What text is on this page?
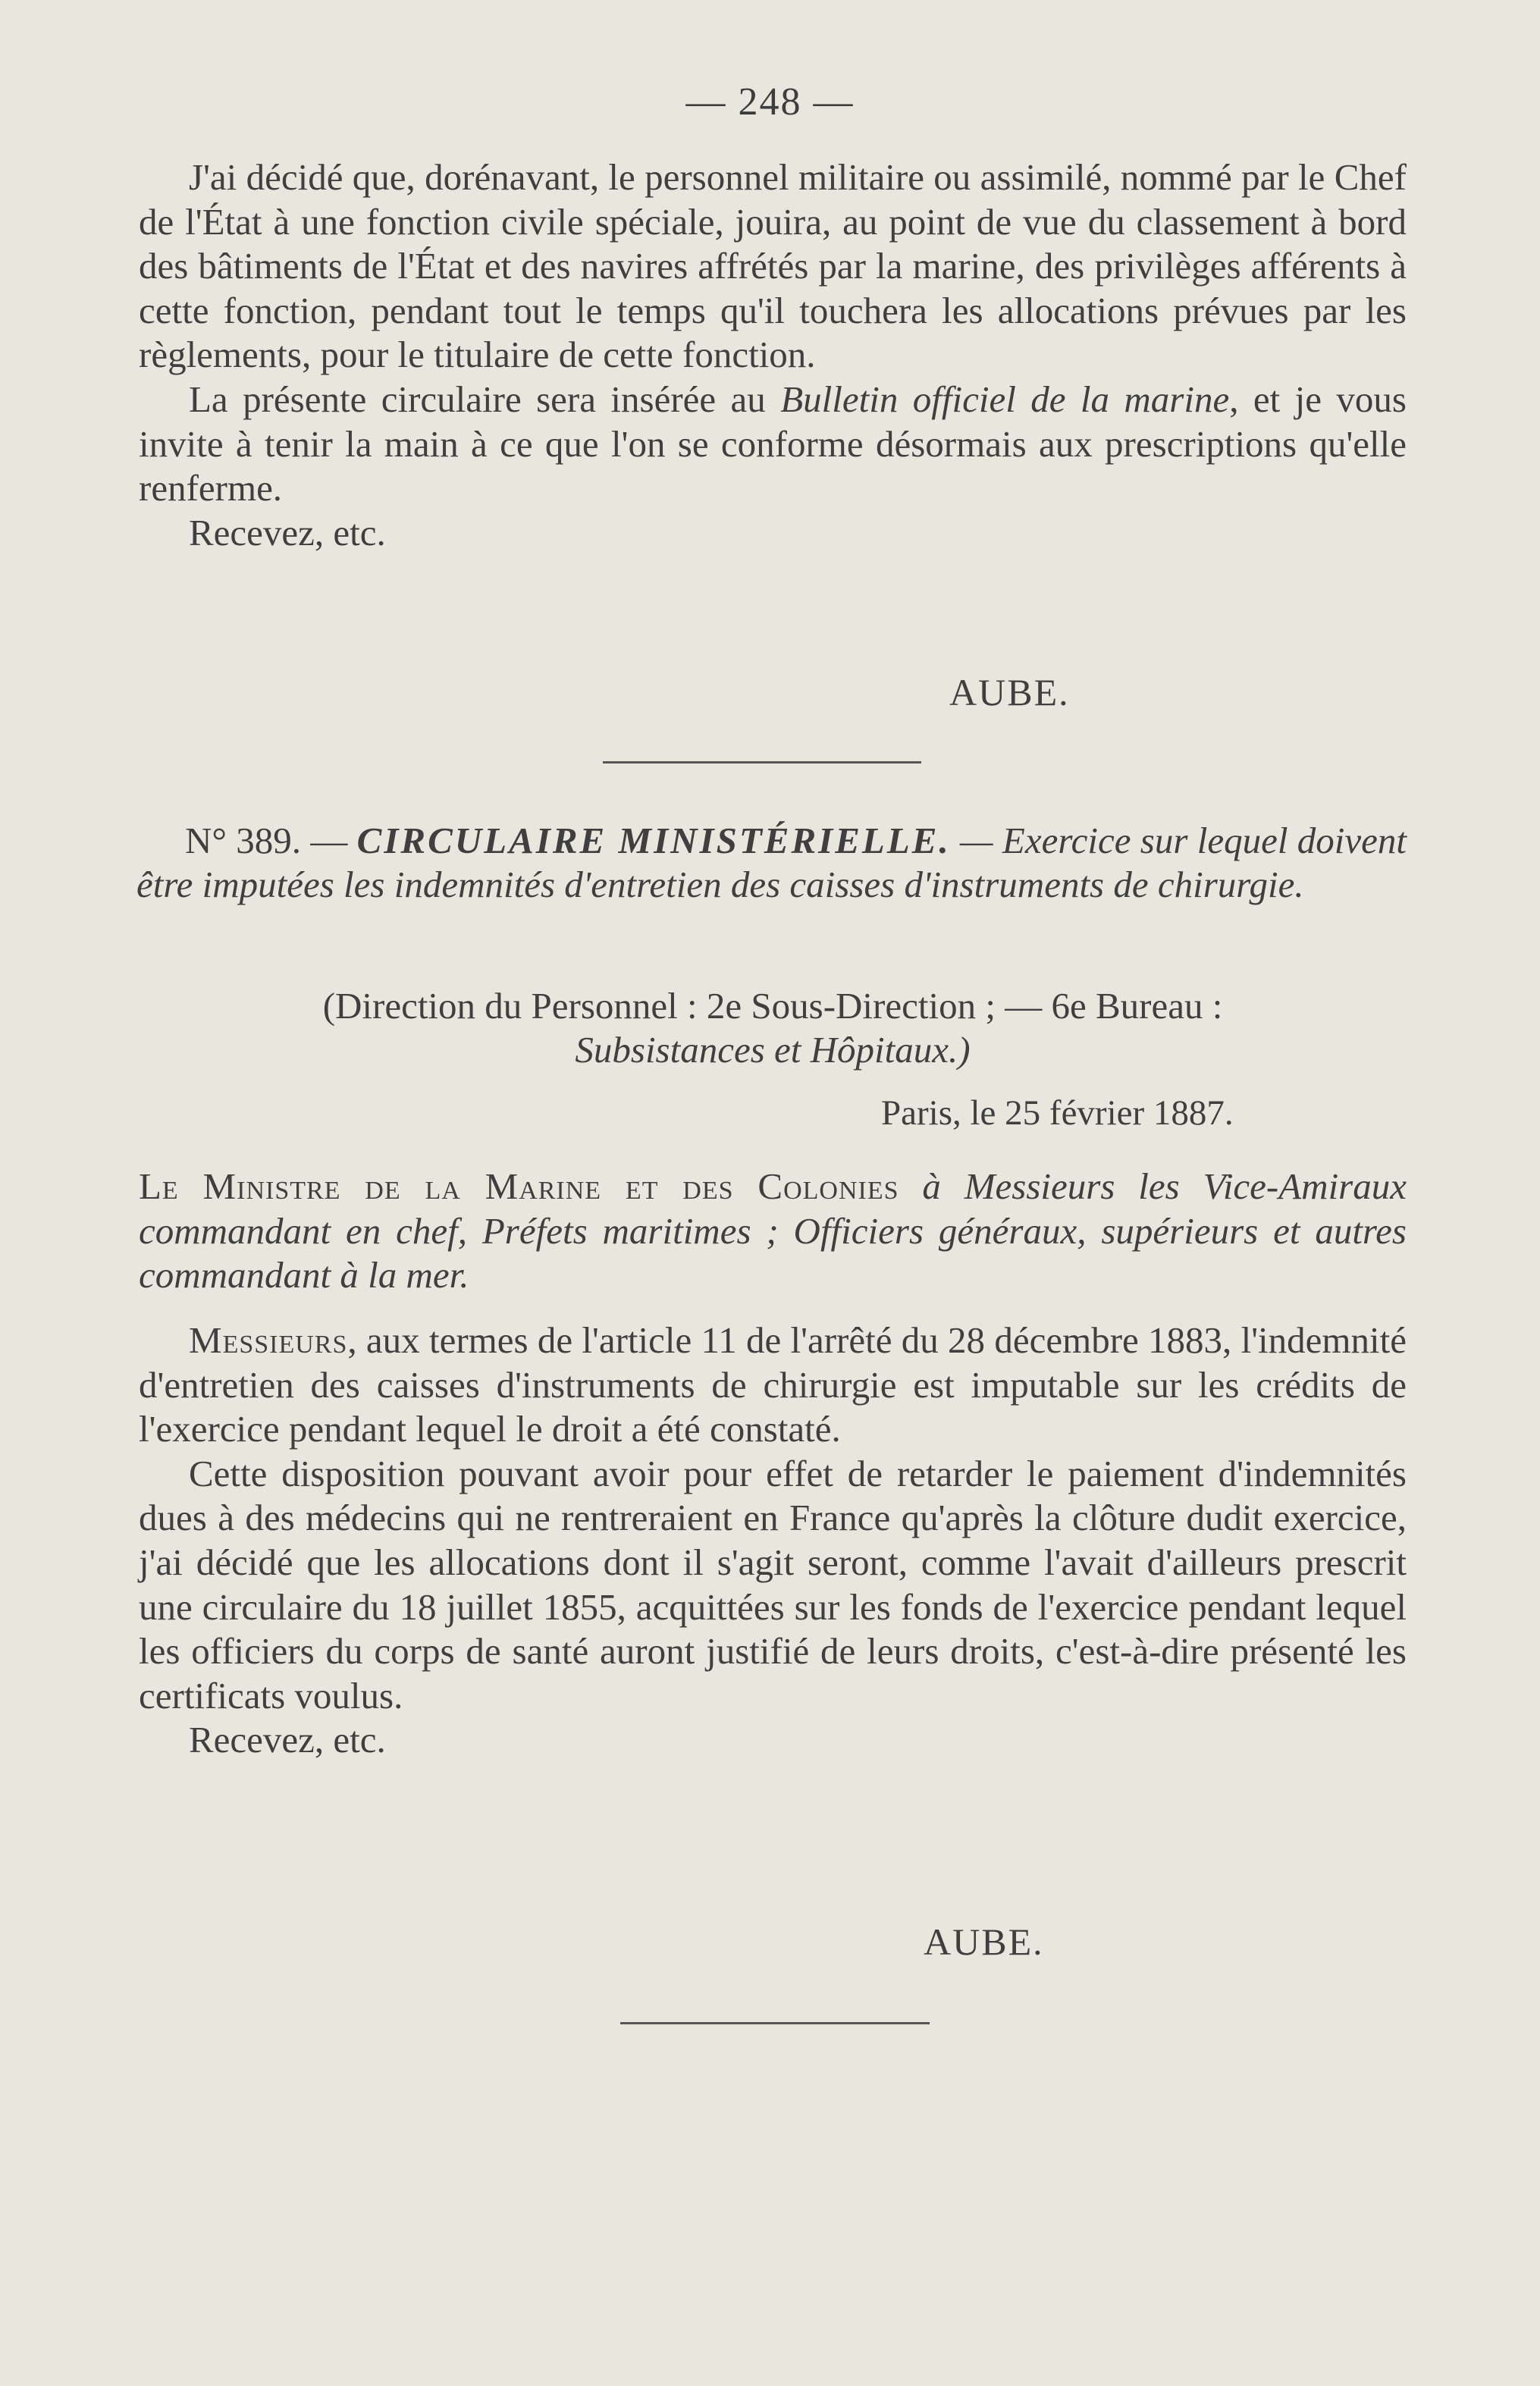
— 248 —

J'ai décidé que, dorénavant, le personnel militaire ou assimilé, nommé par le Chef de l'État à une fonction civile spéciale, jouira, au point de vue du classement à bord des bâtiments de l'État et des navires affrétés par la marine, des privilèges afférents à cette fonction, pendant tout le temps qu'il touchera les allocations prévues par les règlements, pour le titulaire de cette fonction.

La présente circulaire sera insérée au Bulletin officiel de la marine, et je vous invite à tenir la main à ce que l'on se conforme désormais aux prescriptions qu'elle renferme.

Recevez, etc.

AUBE.
N° 389. — CIRCULAIRE MINISTÉRIELLE. — Exercice sur lequel doivent être imputées les indemnités d'entretien des caisses d'instruments de chirurgie.
(Direction du Personnel : 2e Sous-Direction ; — 6e Bureau :
Subsistances et Hôpitaux.)
Paris, le 25 février 1887.

Le Ministre de la Marine et des Colonies à Messieurs les Vice-Amiraux commandant en chef, Préfets maritimes ; Officiers généraux, supérieurs et autres commandant à la mer.

Messieurs, aux termes de l'article 11 de l'arrêté du 28 décembre 1883, l'indemnité d'entretien des caisses d'instruments de chirurgie est imputable sur les crédits de l'exercice pendant lequel le droit a été constaté.

Cette disposition pouvant avoir pour effet de retarder le paiement d'indemnités dues à des médecins qui ne rentreraient en France qu'après la clôture dudit exercice, j'ai décidé que les allocations dont il s'agit seront, comme l'avait d'ailleurs prescrit une circulaire du 18 juillet 1855, acquittées sur les fonds de l'exercice pendant lequel les officiers du corps de santé auront justifié de leurs droits, c'est-à-dire présenté les certificats voulus.

Recevez, etc.

AUBE.
